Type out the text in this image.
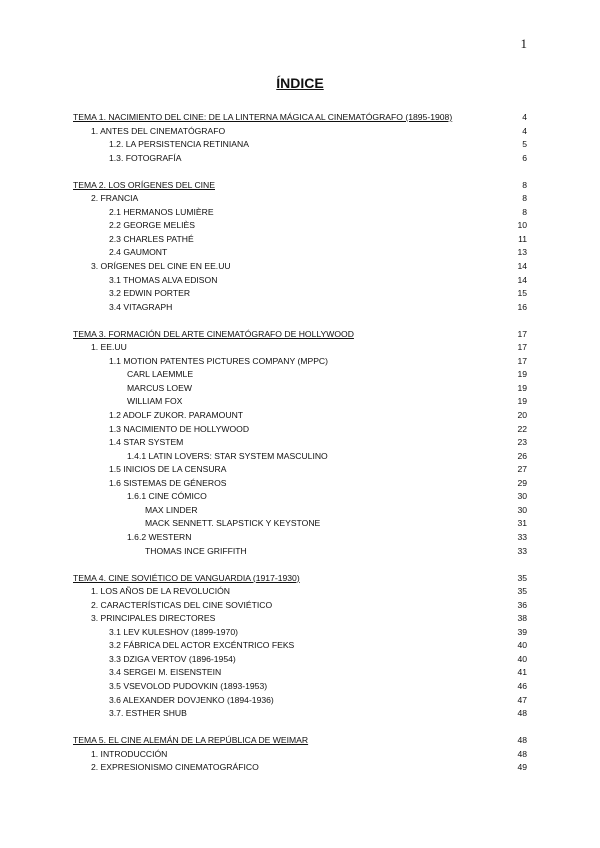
1
ÍNDICE
TEMA 1. NACIMIENTO DEL CINE: DE LA LINTERNA MÁGICA AL CINEMATÓGRAFO (1895-1908)	4
1. ANTES DEL CINEMATÓGRAFO	4
1.2. LA PERSISTENCIA RETINIANA	5
1.3. FOTOGRAFÍA	6
TEMA 2. LOS ORÍGENES DEL CINE	8
2. FRANCIA	8
2.1 HERMANOS LUMIÈRE	8
2.2 GEORGE MELIÈS	10
2.3 CHARLES PATHÉ	11
2.4 GAUMONT	13
3. ORÍGENES DEL CINE EN EE.UU	14
3.1 THOMAS ALVA EDISON	14
3.2 EDWIN PORTER	15
3.4 VITAGRAPH	16
TEMA 3. FORMACIÓN DEL ARTE CINEMATÓGRAFO DE HOLLYWOOD	17
1. EE.UU	17
1.1 MOTION PATENTES PICTURES COMPANY (MPPC)	17
CARL LAEMMLE	19
MARCUS LOEW	19
WILLIAM FOX	19
1.2 ADOLF ZUKOR. PARAMOUNT	20
1.3 NACIMIENTO DE HOLLYWOOD	22
1.4 STAR SYSTEM	23
1.4.1 LATIN LOVERS: STAR SYSTEM MASCULINO	26
1.5 INICIOS DE LA CENSURA	27
1.6 SISTEMAS DE GÉNEROS	29
1.6.1 CINE CÓMICO	30
MAX LINDER	30
MACK SENNETT. SLAPSTICK Y KEYSTONE	31
1.6.2 WESTERN	33
THOMAS INCE GRIFFITH	33
TEMA 4. CINE SOVIÉTICO DE VANGUARDIA (1917-1930)	35
1. LOS AÑOS DE LA REVOLUCIÓN	35
2. CARACTERÍSTICAS DEL CINE SOVIÉTICO	36
3. PRINCIPALES DIRECTORES	38
3.1 LEV KULESHOV (1899-1970)	39
3.2 FÁBRICA DEL ACTOR EXCÉNTRICO FEKS	40
3.3 DZIGA VERTOV (1896-1954)	40
3.4 SERGEI M. EISENSTEIN	41
3.5 VSEVOLOD PUDOVKIN (1893-1953)	46
3.6 ALEXANDER DOVJENKO (1894-1936)	47
3.7. ESTHER SHUB	48
TEMA 5. EL CINE ALEMÁN DE LA REPÚBLICA DE WEIMAR	48
1. INTRODUCCIÓN	48
2. EXPRESIONISMO CINEMATOGRÁFICO	49
